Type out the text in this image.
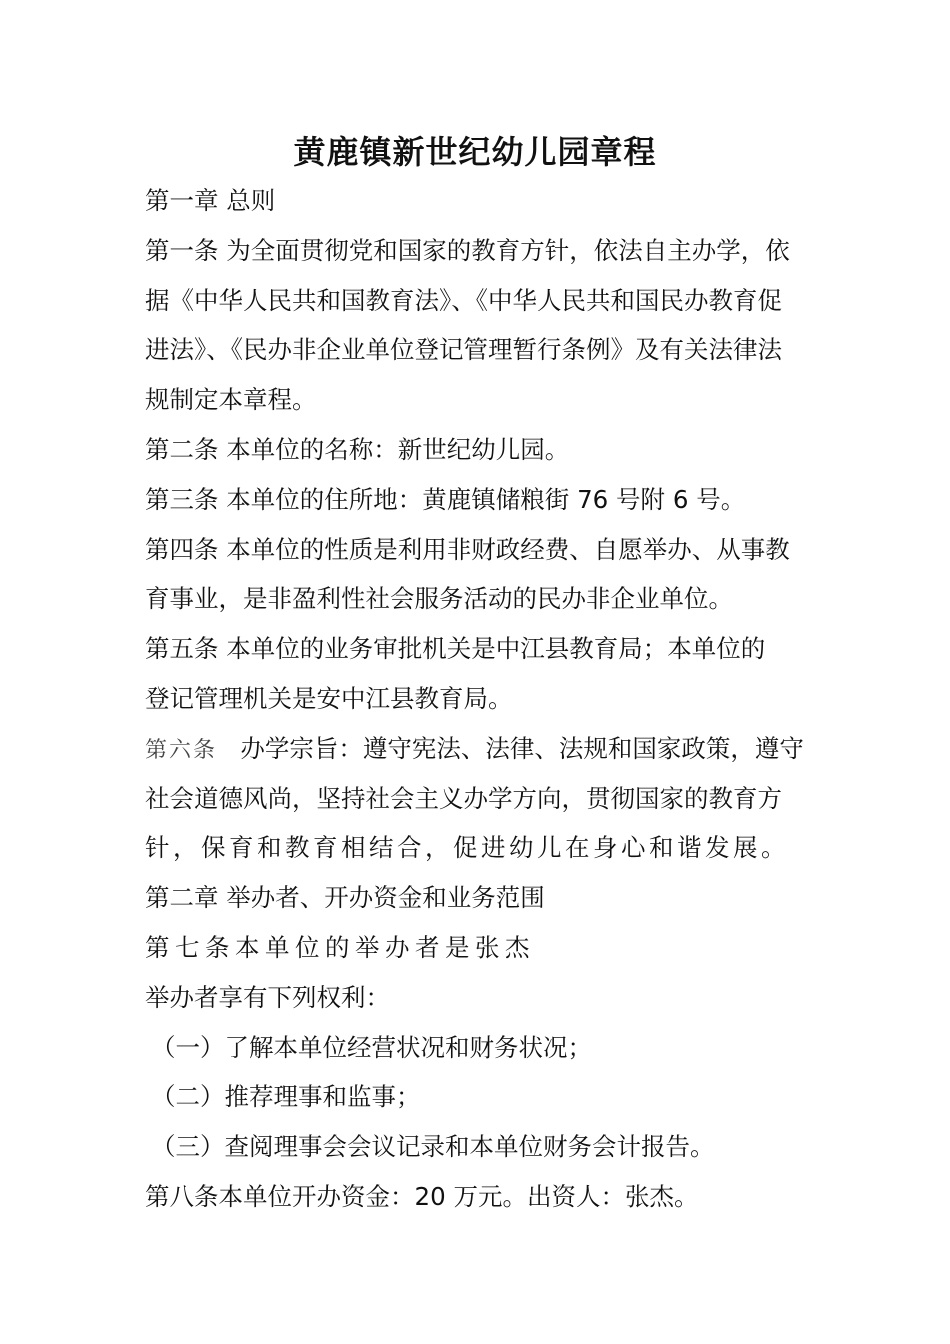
黄鹿镇新世纪幼儿园章程
第一章 总则
第一条 为全面贯彻党和国家的教育方针，依法自主办学，依
据《中华人民共和国教育法》、《中华人民共和国民办教育促
进法》、《民办非企业单位登记管理暂行条例》及有关法律法
规制定本章程。
第二条 本单位的名称：新世纪幼儿园。
第三条 本单位的住所地：黄鹿镇储粮街 76 号附 6 号。
第四条 本单位的性质是利用非财政经费、自愿举办、从事教
育事业，是非盈利性社会服务活动的民办非企业单位。
第五条 本单位的业务审批机关是中江县教育局；本单位的
登记管理机关是安中江县教育局。
第六条 办学宗旨：遵守宪法、法律、法规和国家政策，遵守
社会道德风尚，坚持社会主义办学方向，贯彻国家的教育方
针，保育和教育相结合，促进幼儿在身心和谐发展。
第二章 举办者、开办资金和业务范围
第七条本单位的举办者是张杰
举办者享有下列权利：
（一）了解本单位经营状况和财务状况；
（二）推荐理事和监事；
（三）查阅理事会会议记录和本单位财务会计报告。
第八条本单位开办资金：20 万元。出资人：张杰。
